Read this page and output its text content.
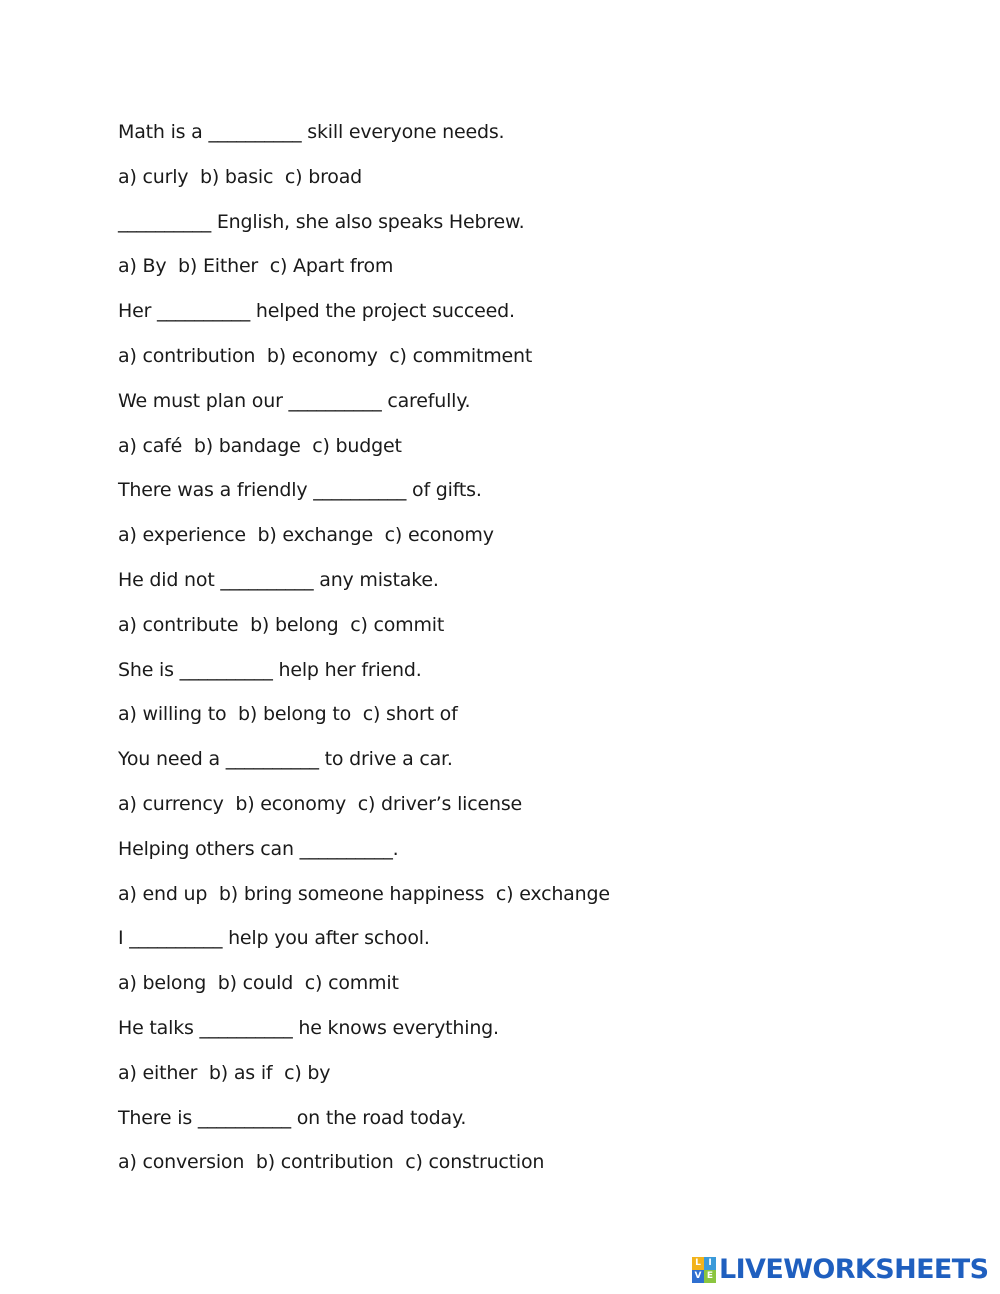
Math is a __________ skill everyone needs.
a) curly  b) basic  c) broad
__________ English, she also speaks Hebrew.
a) By  b) Either  c) Apart from
Her __________ helped the project succeed.
a) contribution  b) economy  c) commitment
We must plan our __________ carefully.
a) café  b) bandage  c) budget
There was a friendly __________ of gifts.
a) experience  b) exchange  c) economy
He did not __________ any mistake.
a) contribute  b) belong  c) commit
She is __________ help her friend.
a) willing to  b) belong to  c) short of
You need a __________ to drive a car.
a) currency  b) economy  c) driver’s license
Helping others can __________.
a) end up  b) bring someone happiness  c) exchange
I __________ help you after school.
a) belong  b) could  c) commit
He talks __________ he knows everything.
a) either  b) as if  c) by
There is __________ on the road today.
a) conversion  b) contribution  c) construction
L I
V E LIVEWORKSHEETS
